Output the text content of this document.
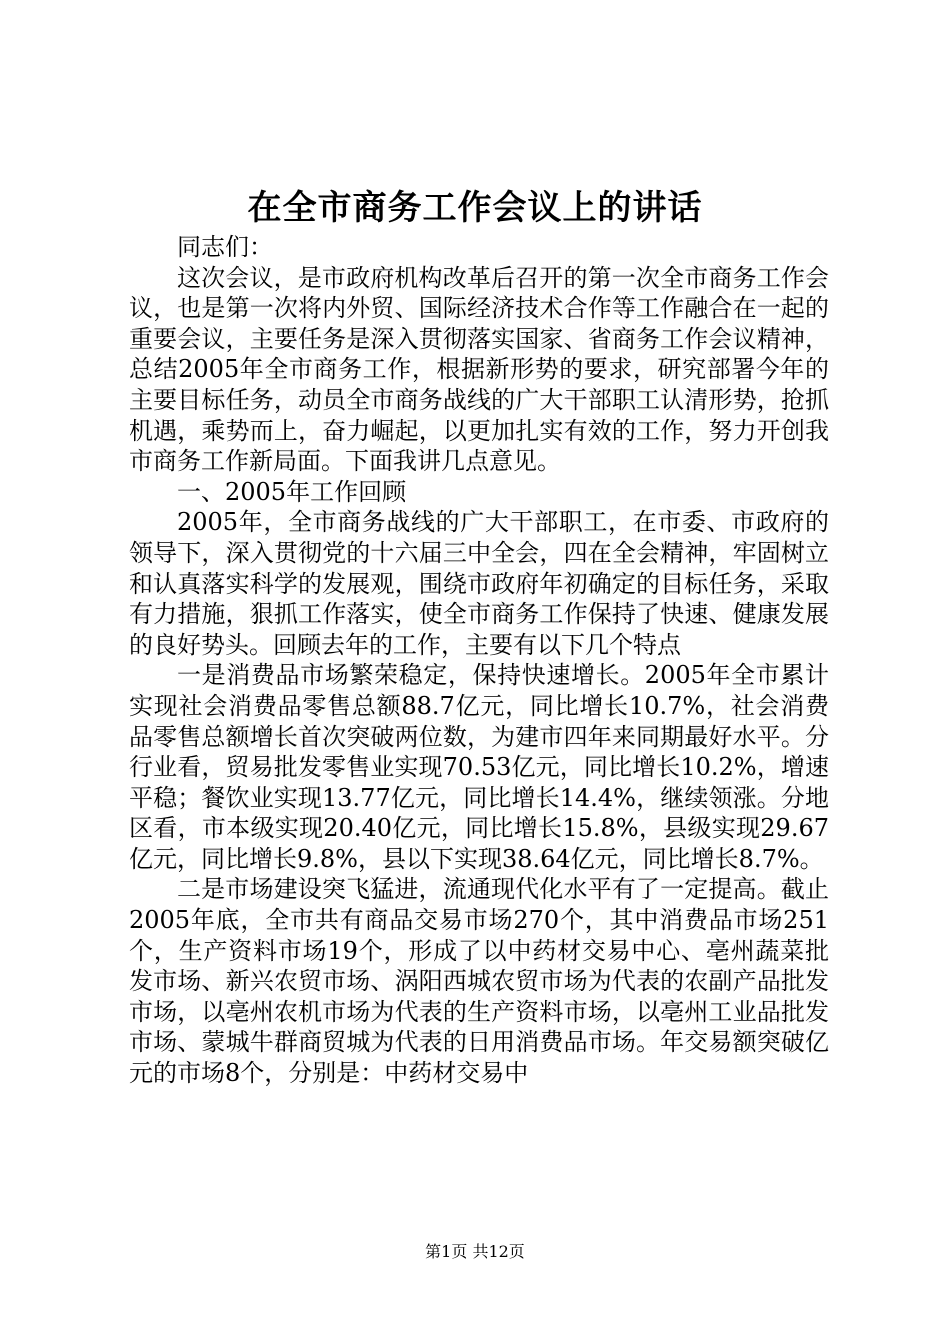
在全市商务工作会议上的讲话

同志们：

这次会议，是市政府机构改革后召开的第一次全市商务工作会议，也是第一次将内外贸、国际经济技术合作等工作融合在一起的重要会议，主要任务是深入贯彻落实国家、省商务工作会议精神，总结2005年全市商务工作，根据新形势的要求，研究部署今年的主要目标任务，动员全市商务战线的广大干部职工认清形势，抢抓机遇，乘势而上，奋力崛起，以更加扎实有效的工作，努力开创我市商务工作新局面。下面我讲几点意见。

一、2005年工作回顾

2005年，全市商务战线的广大干部职工，在市委、市政府的领导下，深入贯彻党的十六届三中全会，四在全会精神，牢固树立和认真落实科学的发展观，围绕市政府年初确定的目标任务，采取有力措施，狠抓工作落实，使全市商务工作保持了快速、健康发展的良好势头。回顾去年的工作，主要有以下几个特点

一是消费品市场繁荣稳定，保持快速增长。2005年全市累计实现社会消费品零售总额88.7亿元，同比增长10.7%，社会消费品零售总额增长首次突破两位数，为建市四年来同期最好水平。分行业看，贸易批发零售业实现70.53亿元，同比增长10.2%，增速平稳；餐饮业实现13.77亿元，同比增长14.4%，继续领涨。分地区看，市本级实现20.40亿元，同比增长15.8%，县级实现29.67亿元，同比增长9.8%，县以下实现38.64亿元，同比增长8.7%。

二是市场建设突飞猛进，流通现代化水平有了一定提高。截止2005年底，全市共有商品交易市场270个，其中消费品市场251个，生产资料市场19个，形成了以中药材交易中心、亳州蔬菜批发市场、新兴农贸市场、涡阳西城农贸市场为代表的农副产品批发市场，以亳州农机市场为代表的生产资料市场，以亳州工业品批发市场、蒙城牛群商贸城为代表的日用消费品市场。年交易额突破亿元的市场8个，分别是：中药材交易中

第1页 共12页
